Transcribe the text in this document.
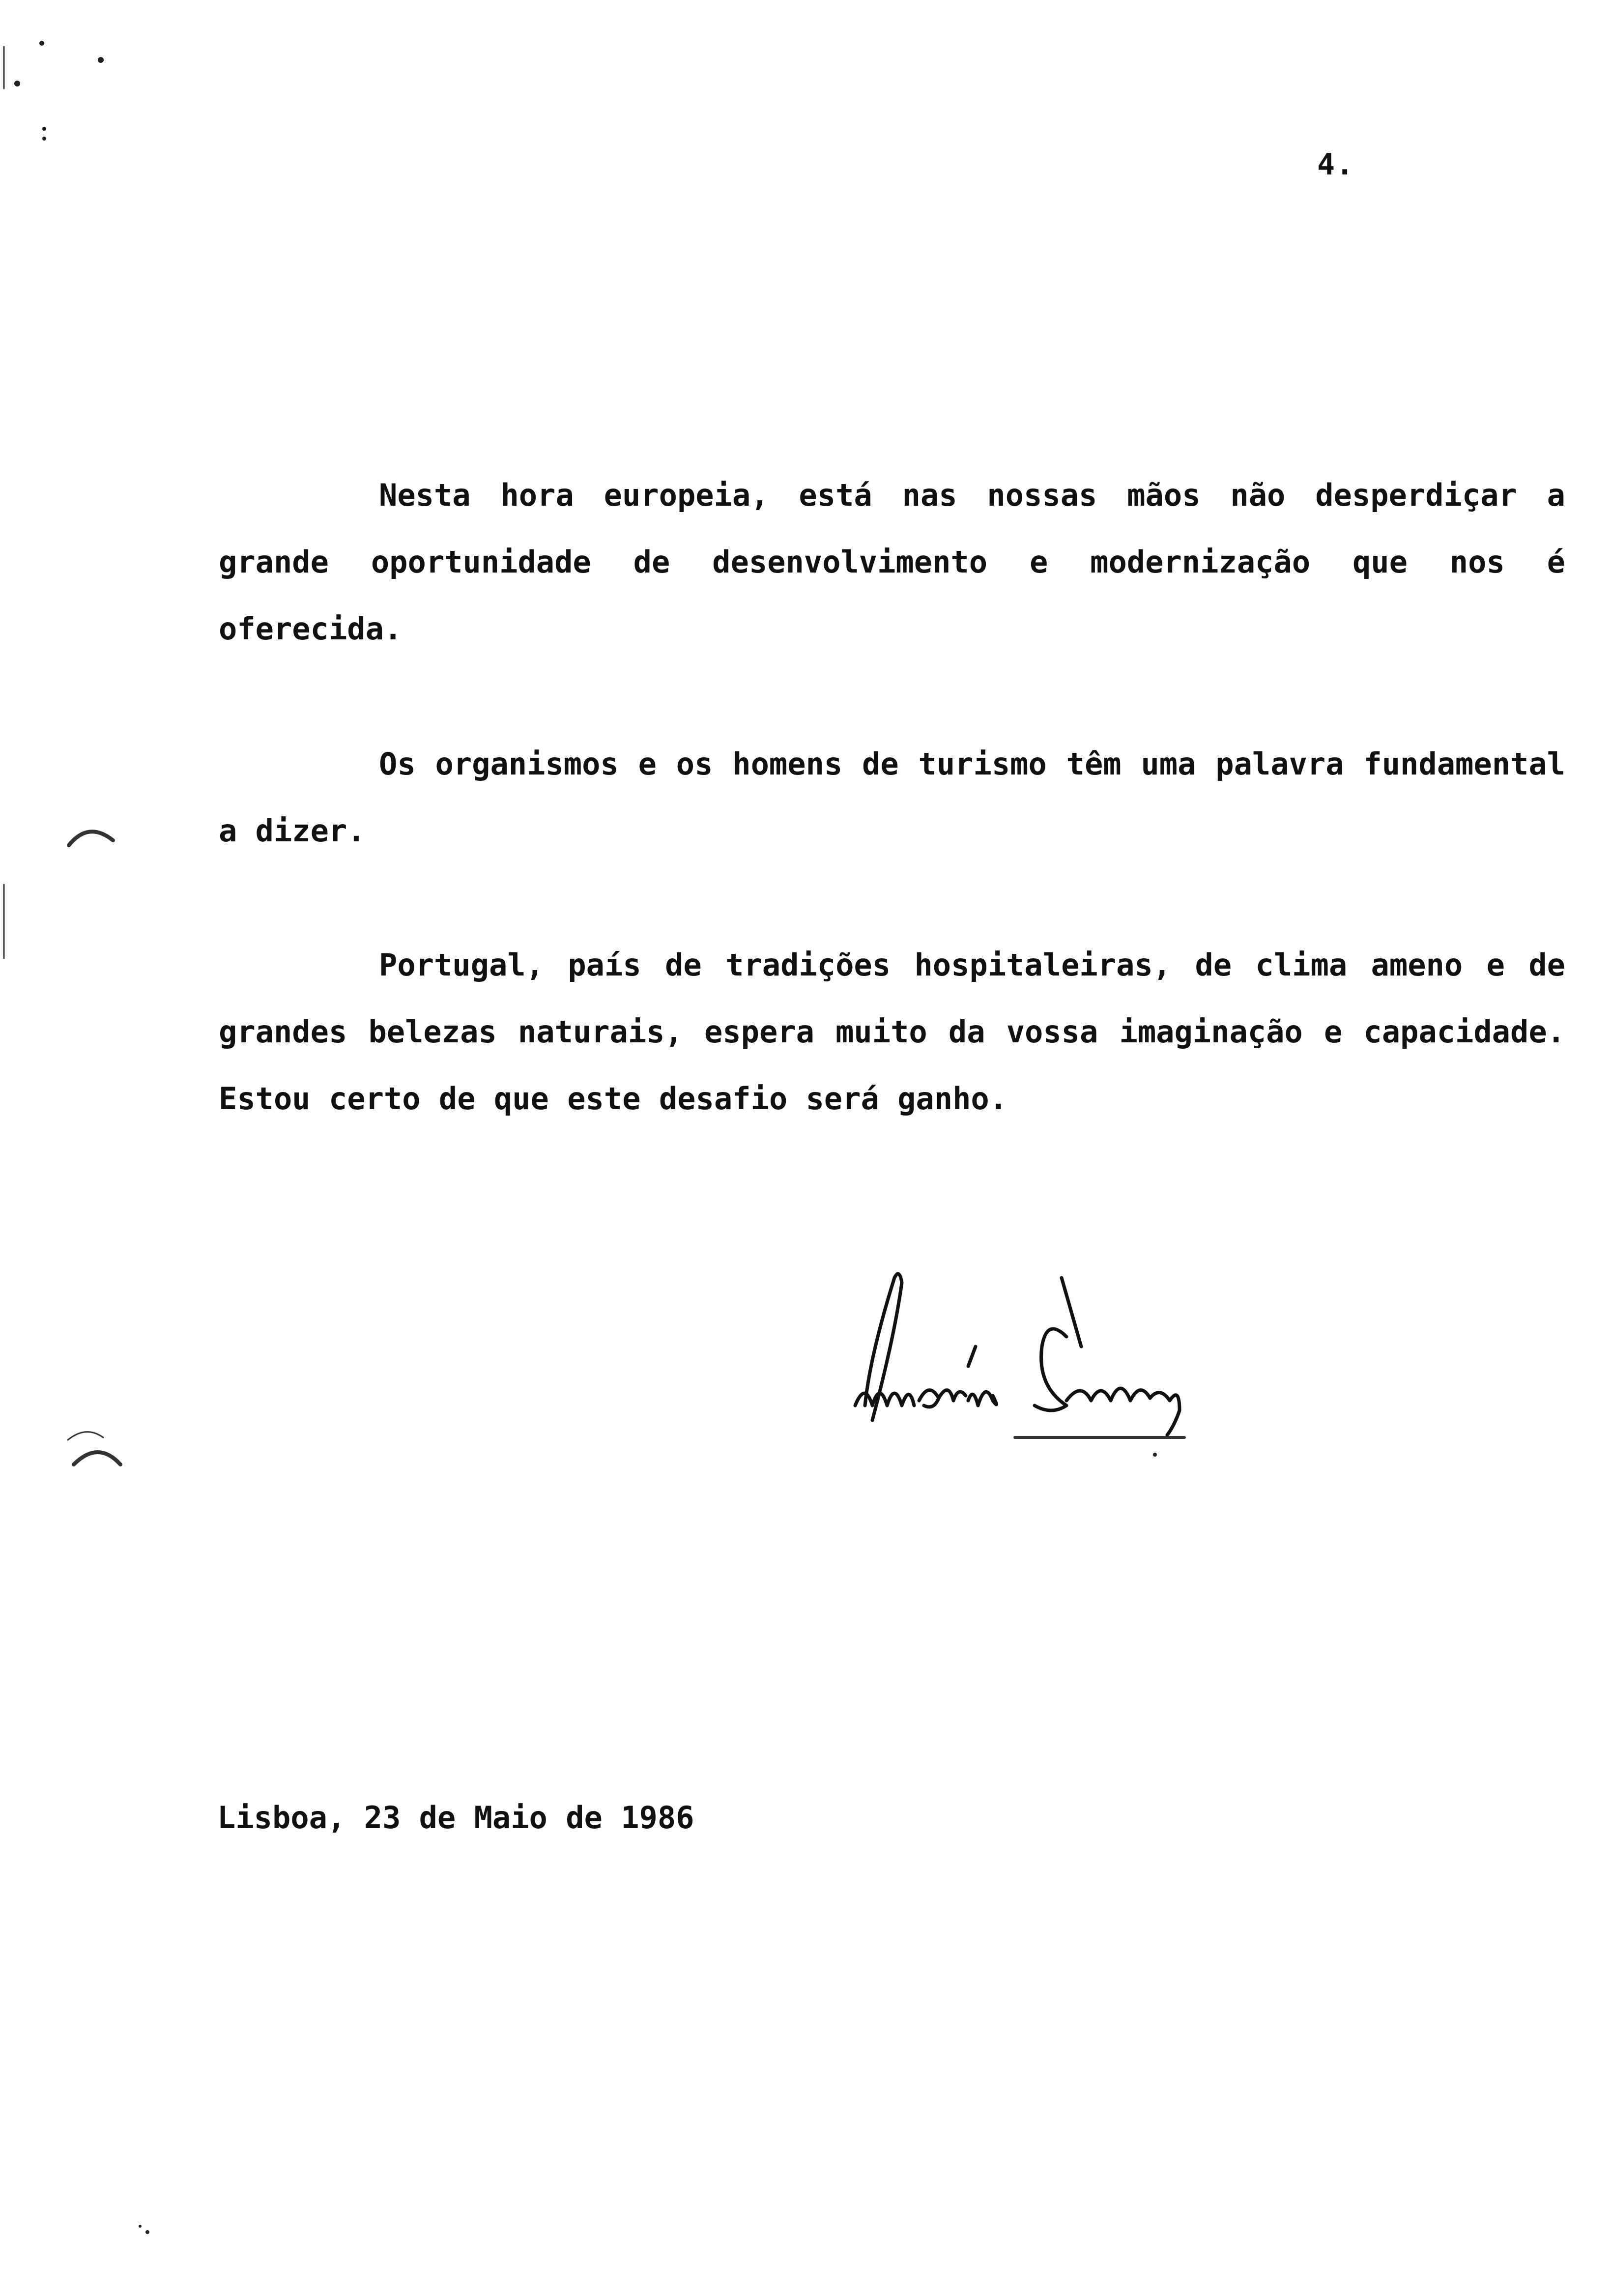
4.
Nesta hora europeia, está nas nossas mãos não desperdiçar a grande oportunidade de desenvolvimento e modernização que nos é oferecida.
Os organismos e os homens de turismo têm uma palavra fundamental a dizer.
Portugal, país de tradições hospitaleiras, de clima ameno e de grandes belezas naturais, espera muito da vossa imaginação e capacidade. Estou certo de que este desafio será ganho.
Lisboa, 23 de Maio de 1986
